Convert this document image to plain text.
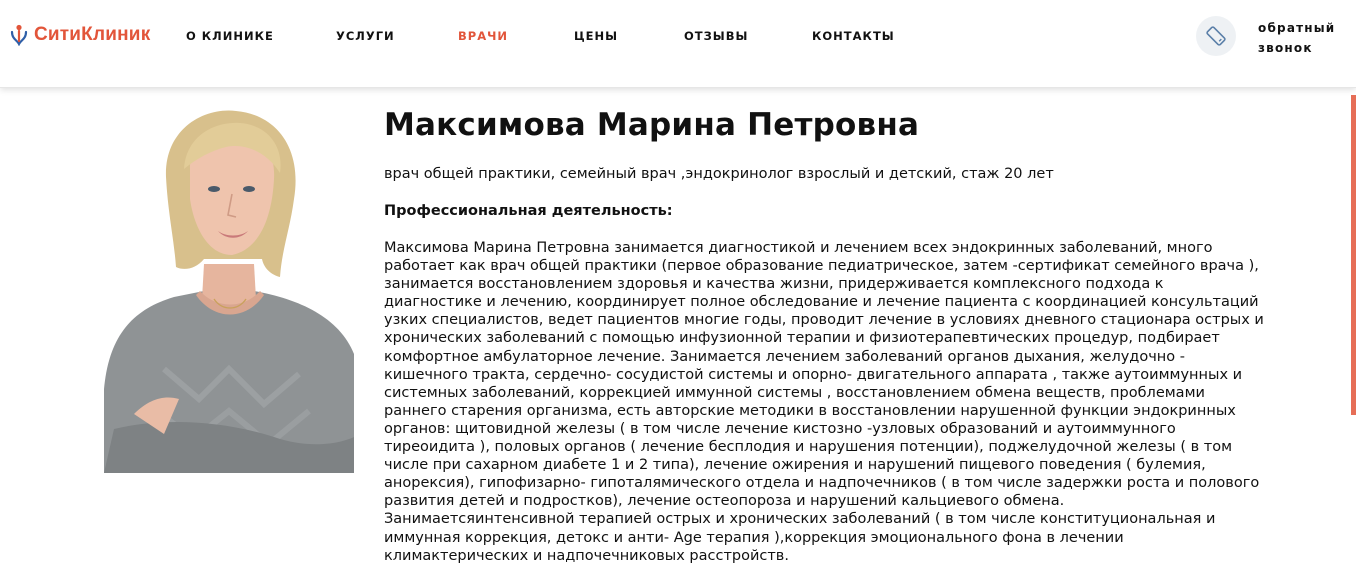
СитиКлиник	О КЛИНИКЕ	УСЛУГИ	ВРАЧИ	ЦЕНЫ	ОТЗЫВЫ	КОНТАКТЫ
обратный звонок
Максимова Марина Петровна

врач общей практики, семейный врач ,эндокринолог взрослый и детский, стаж 20 лет

Профессиональная деятельность:

Максимова Марина Петровна занимается диагностикой и лечением всех эндокринных заболеваний, много работает как врач общей практики (первое образование педиатрическое, затем -сертификат семейного врача ), занимается восстановлением здоровья и качества жизни, придерживается комплексного подхода к диагностике и лечению, координирует полное обследование и лечение пациента с координацией консультаций узких специалистов, ведет пациентов многие годы, проводит лечение в условиях дневного стационара острых и хронических заболеваний с помощью инфузионной терапии и физиотерапевтических процедур, подбирает комфортное амбулаторное лечение. Занимается лечением заболеваний органов дыхания, желудочно - кишечного тракта, сердечно- сосудистой системы и опорно- двигательного аппарата , также аутоиммунных и системных заболеваний, коррекцией иммунной системы , восстановлением обмена веществ, проблемами раннего старения организма, есть авторские методики в восстановлении нарушенной функции эндокринных органов: щитовидной железы ( в том числе лечение кистозно -узловых образований и аутоиммунного тиреоидита ), половых органов ( лечение бесплодия и нарушения потенции), поджелудочной железы ( в том числе при сахарном диабете 1 и 2 типа), лечение ожирения и нарушений пищевого поведения ( булемия, анорексия), гипофизарно- гипоталямического отдела и надпочечников ( в том числе задержки роста и полового развития детей и подростков), лечение остеопороза и нарушений кальциевого обмена.

Занимаетсяинтенсивной терапией острых и хронических заболеваний ( в том числе конституциональная и иммунная коррекция, детокс и анти- Age терапия ),коррекция эмоционального фона в лечении климактерических и надпочечниковых расстройств.
